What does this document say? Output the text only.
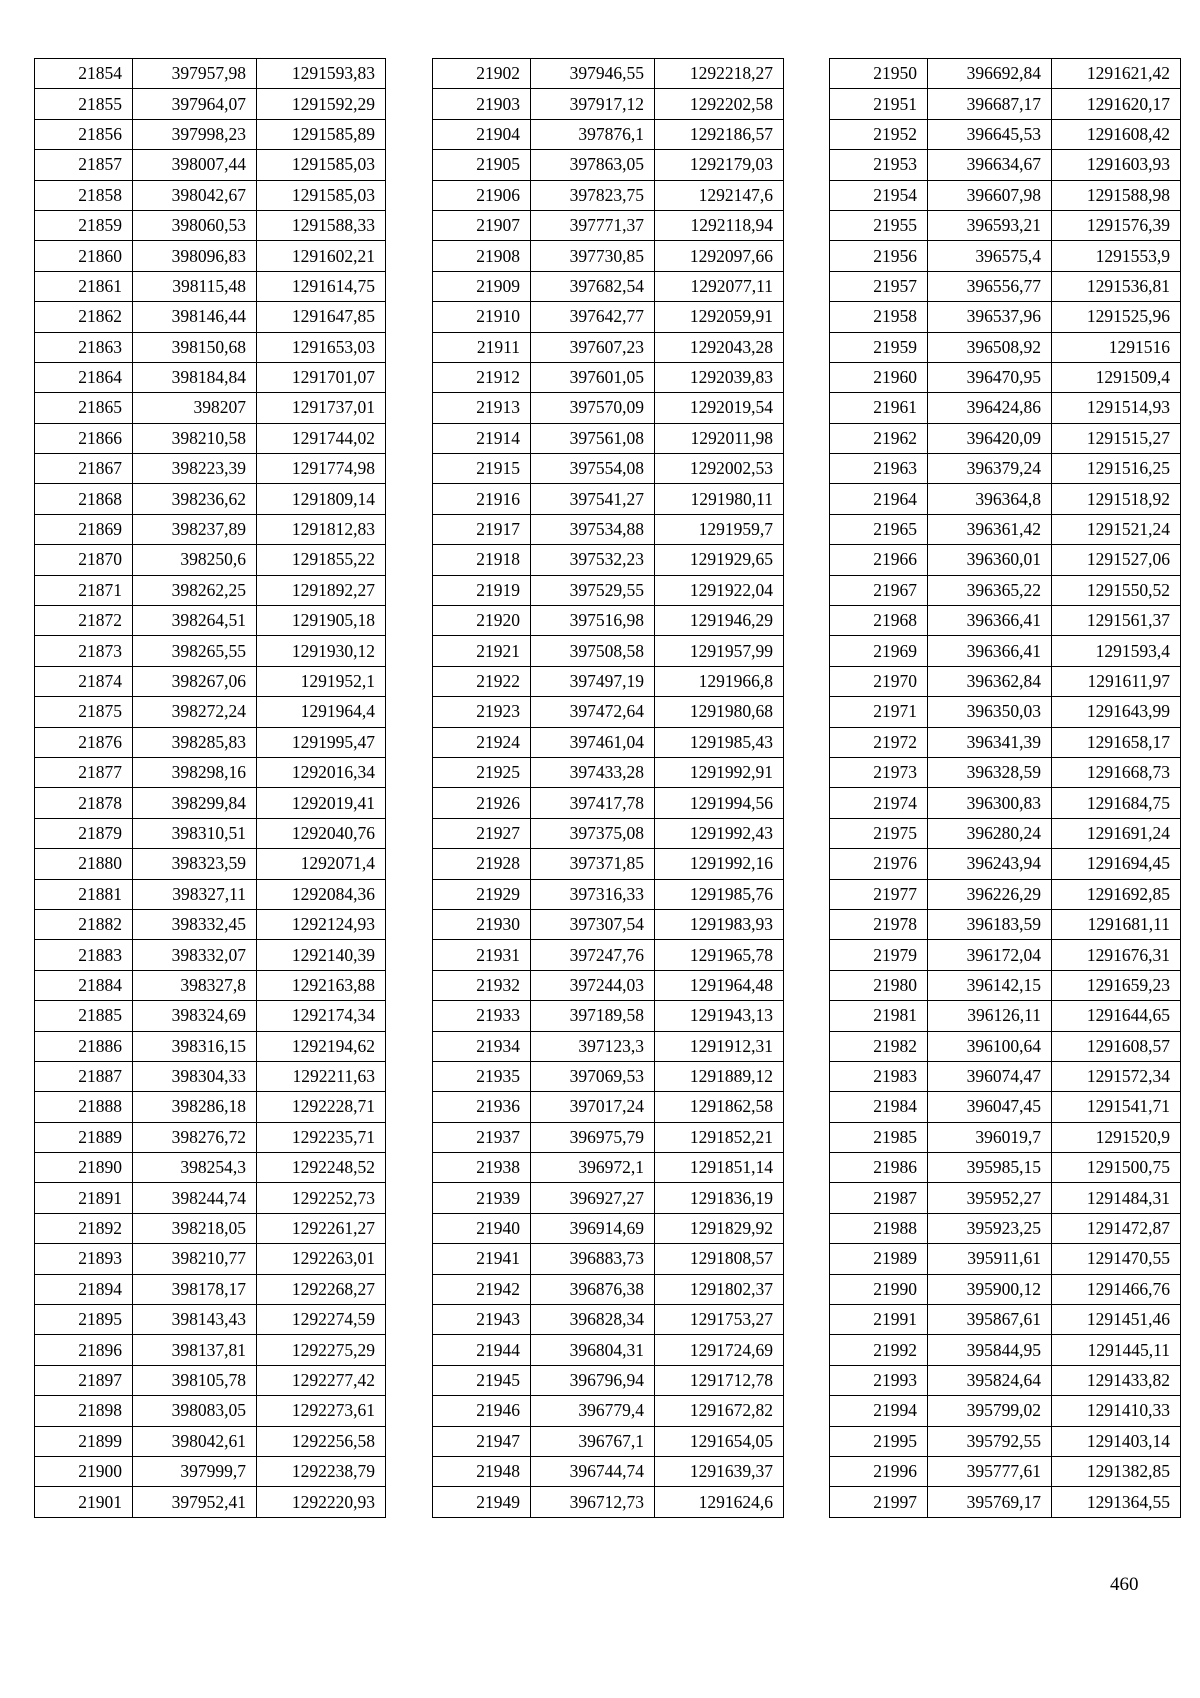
21854	397957,98	1291593,83
21855	397964,07	1291592,29
21856	397998,23	1291585,89
21857	398007,44	1291585,03
21858	398042,67	1291585,03
21859	398060,53	1291588,33
21860	398096,83	1291602,21
21861	398115,48	1291614,75
21862	398146,44	1291647,85
21863	398150,68	1291653,03
21864	398184,84	1291701,07
21865	398207	1291737,01
21866	398210,58	1291744,02
21867	398223,39	1291774,98
21868	398236,62	1291809,14
21869	398237,89	1291812,83
21870	398250,6	1291855,22
21871	398262,25	1291892,27
21872	398264,51	1291905,18
21873	398265,55	1291930,12
21874	398267,06	1291952,1
21875	398272,24	1291964,4
21876	398285,83	1291995,47
21877	398298,16	1292016,34
21878	398299,84	1292019,41
21879	398310,51	1292040,76
21880	398323,59	1292071,4
21881	398327,11	1292084,36
21882	398332,45	1292124,93
21883	398332,07	1292140,39
21884	398327,8	1292163,88
21885	398324,69	1292174,34
21886	398316,15	1292194,62
21887	398304,33	1292211,63
21888	398286,18	1292228,71
21889	398276,72	1292235,71
21890	398254,3	1292248,52
21891	398244,74	1292252,73
21892	398218,05	1292261,27
21893	398210,77	1292263,01
21894	398178,17	1292268,27
21895	398143,43	1292274,59
21896	398137,81	1292275,29
21897	398105,78	1292277,42
21898	398083,05	1292273,61
21899	398042,61	1292256,58
21900	397999,7	1292238,79
21901	397952,41	1292220,93
21902	397946,55	1292218,27
21903	397917,12	1292202,58
21904	397876,1	1292186,57
21905	397863,05	1292179,03
21906	397823,75	1292147,6
21907	397771,37	1292118,94
21908	397730,85	1292097,66
21909	397682,54	1292077,11
21910	397642,77	1292059,91
21911	397607,23	1292043,28
21912	397601,05	1292039,83
21913	397570,09	1292019,54
21914	397561,08	1292011,98
21915	397554,08	1292002,53
21916	397541,27	1291980,11
21917	397534,88	1291959,7
21918	397532,23	1291929,65
21919	397529,55	1291922,04
21920	397516,98	1291946,29
21921	397508,58	1291957,99
21922	397497,19	1291966,8
21923	397472,64	1291980,68
21924	397461,04	1291985,43
21925	397433,28	1291992,91
21926	397417,78	1291994,56
21927	397375,08	1291992,43
21928	397371,85	1291992,16
21929	397316,33	1291985,76
21930	397307,54	1291983,93
21931	397247,76	1291965,78
21932	397244,03	1291964,48
21933	397189,58	1291943,13
21934	397123,3	1291912,31
21935	397069,53	1291889,12
21936	397017,24	1291862,58
21937	396975,79	1291852,21
21938	396972,1	1291851,14
21939	396927,27	1291836,19
21940	396914,69	1291829,92
21941	396883,73	1291808,57
21942	396876,38	1291802,37
21943	396828,34	1291753,27
21944	396804,31	1291724,69
21945	396796,94	1291712,78
21946	396779,4	1291672,82
21947	396767,1	1291654,05
21948	396744,74	1291639,37
21949	396712,73	1291624,6
21950	396692,84	1291621,42
21951	396687,17	1291620,17
21952	396645,53	1291608,42
21953	396634,67	1291603,93
21954	396607,98	1291588,98
21955	396593,21	1291576,39
21956	396575,4	1291553,9
21957	396556,77	1291536,81
21958	396537,96	1291525,96
21959	396508,92	1291516
21960	396470,95	1291509,4
21961	396424,86	1291514,93
21962	396420,09	1291515,27
21963	396379,24	1291516,25
21964	396364,8	1291518,92
21965	396361,42	1291521,24
21966	396360,01	1291527,06
21967	396365,22	1291550,52
21968	396366,41	1291561,37
21969	396366,41	1291593,4
21970	396362,84	1291611,97
21971	396350,03	1291643,99
21972	396341,39	1291658,17
21973	396328,59	1291668,73
21974	396300,83	1291684,75
21975	396280,24	1291691,24
21976	396243,94	1291694,45
21977	396226,29	1291692,85
21978	396183,59	1291681,11
21979	396172,04	1291676,31
21980	396142,15	1291659,23
21981	396126,11	1291644,65
21982	396100,64	1291608,57
21983	396074,47	1291572,34
21984	396047,45	1291541,71
21985	396019,7	1291520,9
21986	395985,15	1291500,75
21987	395952,27	1291484,31
21988	395923,25	1291472,87
21989	395911,61	1291470,55
21990	395900,12	1291466,76
21991	395867,61	1291451,46
21992	395844,95	1291445,11
21993	395824,64	1291433,82
21994	395799,02	1291410,33
21995	395792,55	1291403,14
21996	395777,61	1291382,85
21997	395769,17	1291364,55
460
